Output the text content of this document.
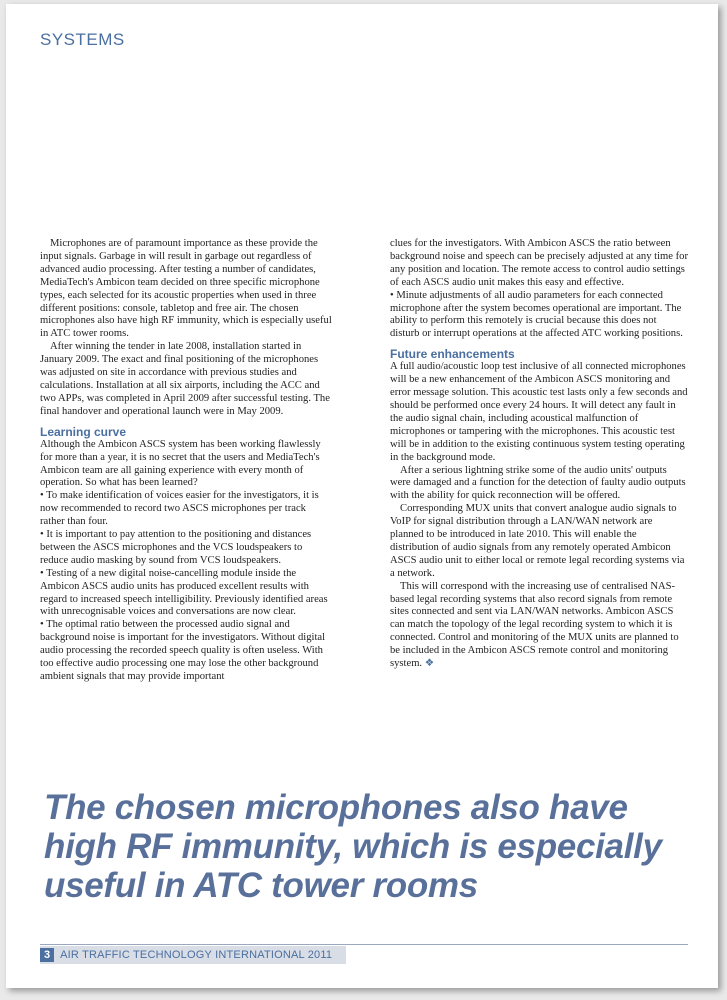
SYSTEMS

Microphones are of paramount importance as these provide the input signals. Garbage in will result in garbage out regardless of advanced audio processing. After testing a number of candidates, MediaTech's Ambicon team decided on three specific microphone types, each selected for its acoustic properties when used in three different positions: console, tabletop and free air. The chosen microphones also have high RF immunity, which is especially useful in ATC tower rooms.

After winning the tender in late 2008, installation started in January 2009. The exact and final positioning of the microphones was adjusted on site in accordance with previous studies and calculations. Installation at all six airports, including the ACC and two APPs, was completed in April 2009 after successful testing. The final handover and operational launch were in May 2009.

Learning curve

Although the Ambicon ASCS system has been working flawlessly for more than a year, it is no secret that the users and MediaTech's Ambicon team are all gaining experience with every month of operation. So what has been learned?

• To make identification of voices easier for the investigators, it is now recommended to record two ASCS microphones per track rather than four.

• It is important to pay attention to the positioning and distances between the ASCS microphones and the VCS loudspeakers to reduce audio masking by sound from VCS loudspeakers.

• Testing of a new digital noise-cancelling module inside the Ambicon ASCS audio units has produced excellent results with regard to increased speech intelligibility. Previously identified areas with unrecognisable voices and conversations are now clear.

• The optimal ratio between the processed audio signal and background noise is important for the investigators. Without digital audio processing the recorded speech quality is often useless. With too effective audio processing one may lose the other background ambient signals that may provide important

clues for the investigators. With Ambicon ASCS the ratio between background noise and speech can be precisely adjusted at any time for any position and location. The remote access to control audio settings of each ASCS audio unit makes this easy and effective.

• Minute adjustments of all audio parameters for each connected microphone after the system becomes operational are important. The ability to perform this remotely is crucial because this does not disturb or interrupt operations at the affected ATC working positions.

Future enhancements

A full audio/acoustic loop test inclusive of all connected microphones will be a new enhancement of the Ambicon ASCS monitoring and error message solution. This acoustic test lasts only a few seconds and should be performed once every 24 hours. It will detect any fault in the audio signal chain, including acoustical malfunction of microphones or tampering with the microphones. This acoustic test will be in addition to the existing continuous system testing operating in the background mode.

After a serious lightning strike some of the audio units' outputs were damaged and a function for the detection of faulty audio outputs with the ability for quick reconnection will be offered.

Corresponding MUX units that convert analogue audio signals to VoIP for signal distribution through a LAN/WAN network are planned to be introduced in late 2010. This will enable the distribution of audio signals from any remotely operated Ambicon ASCS audio unit to either local or remote legal recording systems via a network.

This will correspond with the increasing use of centralised NAS-based legal recording systems that also record signals from remote sites connected and sent via LAN/WAN networks. Ambicon ASCS can match the topology of the legal recording system to which it is connected. Control and monitoring of the MUX units are planned to be included in the Ambicon ASCS remote control and monitoring system. ❖

The chosen microphones also have high RF immunity, which is especially useful in ATC tower rooms
3 AIR TRAFFIC TECHNOLOGY INTERNATIONAL 2011
